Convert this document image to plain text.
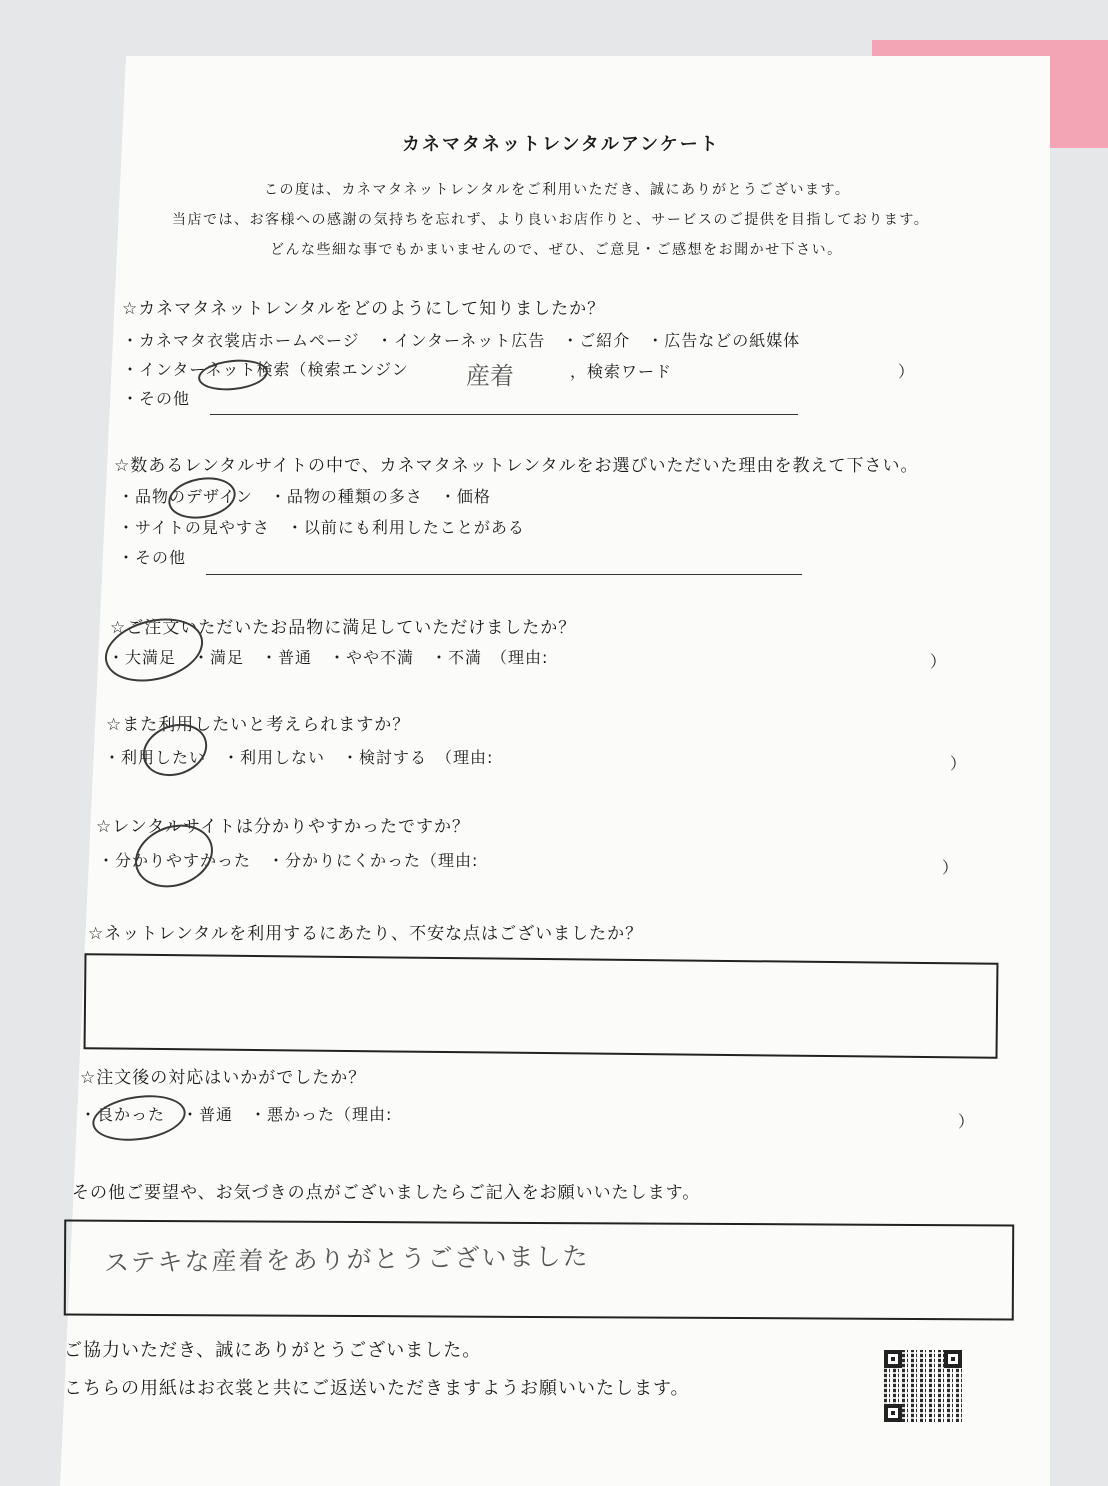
カネマタネットレンタルアンケート
この度は、カネマタネットレンタルをご利用いただき、誠にありがとうございます。
当店では、お客様への感謝の気持ちを忘れず、より良いお店作りと、サービスのご提供を目指しております。
どんな些細な事でもかまいませんので、ぜひ、ご意見・ご感想をお聞かせ下さい。
☆カネマタネットレンタルをどのようにして知りましたか？
・カネマタ衣裳店ホームページ　・インターネット広告　・ご紹介　・広告などの紙媒体
・インターネット検索（検索エンジン 産着	，検索ワード	）
・その他
☆数あるレンタルサイトの中で、カネマタネットレンタルをお選びいただいた理由を教えて下さい。
・品物のデザイン　・品物の種類の多さ　・価格
・サイトの見やすさ　・以前にも利用したことがある
・その他
☆ご注文いただいたお品物に満足していただけましたか？
・大満足　・満足　・普通　・やや不満　・不満　（理由:	）
☆また利用したいと考えられますか？
・利用したい　・利用しない　・検討する　（理由:	）
☆レンタルサイトは分かりやすかったですか？
・分かりやすかった　・分かりにくかった（理由:	）
☆ネットレンタルを利用するにあたり、不安な点はございましたか？
☆注文後の対応はいかがでしたか？
・良かった　・普通　・悪かった（理由:	）
その他ご要望や、お気づきの点がございましたらご記入をお願いいたします。
ステキな産着をありがとうございました
ご協力いただき、誠にありがとうございました。
こちらの用紙はお衣裳と共にご返送いただきますようお願いいたします。
